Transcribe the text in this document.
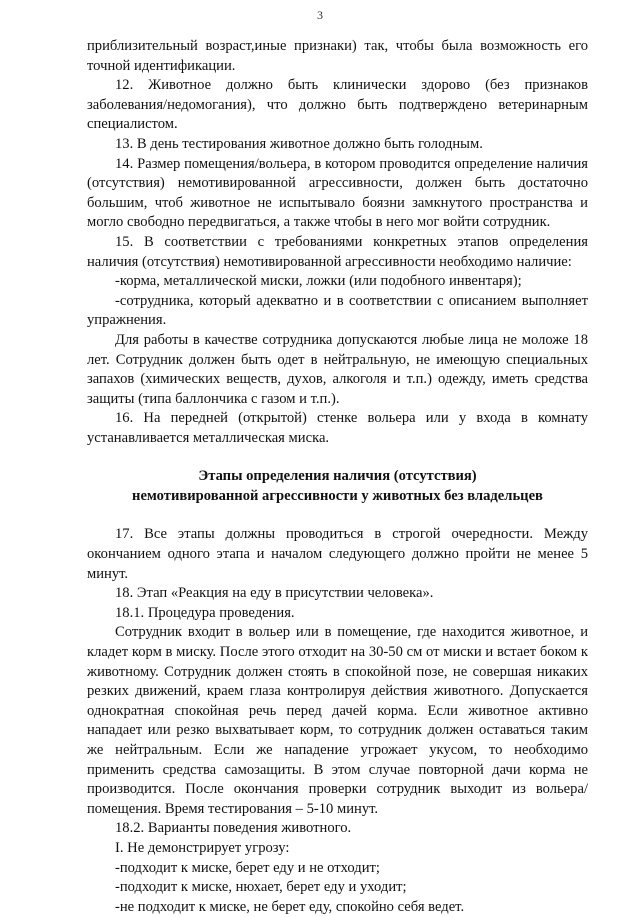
3

приблизительный возраст,иные признаки) так, чтобы была возможность его точной идентификации.

12. Животное должно быть клинически здорово (без признаков заболевания/недомогания), что должно быть подтверждено ветеринарным специалистом.

13. В день тестирования животное должно быть голодным.

14. Размер помещения/вольера, в котором проводится определение наличия (отсутствия) немотивированной агрессивности, должен быть достаточно большим, чтоб животное не испытывало боязни замкнутого пространства и могло свободно передвигаться, а также чтобы в него мог войти сотрудник.

15. В соответствии с требованиями конкретных этапов определения наличия (отсутствия) немотивированной агрессивности необходимо наличие:

-корма, металлической миски, ложки (или подобного инвентаря);

-сотрудника, который адекватно и в соответствии с описанием выполняет упражнения.

Для работы в качестве сотрудника допускаются любые лица не моложе 18 лет. Сотрудник должен быть одет в нейтральную, не имеющую специальных запахов (химических веществ, духов, алкоголя и т.п.) одежду, иметь средства защиты (типа баллончика с газом и т.п.).

16. На передней (открытой) стенке вольера или у входа в комнату устанавливается металлическая миска.

Этапы определения наличия (отсутствия)
немотивированной агрессивности у животных без владельцев

17. Все этапы должны проводиться в строгой очередности. Между окончанием одного этапа и началом следующего должно пройти не менее 5 минут.

18. Этап «Реакция на еду в присутствии человека».

18.1. Процедура проведения.

Сотрудник входит в вольер или в помещение, где находится животное, и кладет корм в миску. После этого отходит на 30-50 см от миски и встает боком к животному. Сотрудник должен стоять в спокойной позе, не совершая никаких резких движений, краем глаза контролируя действия животного. Допускается однократная спокойная речь перед дачей корма. Если животное активно нападает или резко выхватывает корм, то сотрудник должен оставаться таким же нейтральным. Если же нападение угрожает укусом, то необходимо применить средства самозащиты. В этом случае повторной дачи корма не производится. После окончания проверки сотрудник выходит из вольера/помещения. Время тестирования – 5-10 минут.

18.2. Варианты поведения животного.

I. Не демонстрирует угрозу:

-подходит к миске, берет еду и не отходит;

-подходит к миске, нюхает, берет еду и уходит;

-не подходит к миске, не берет еду, спокойно себя ведет.
